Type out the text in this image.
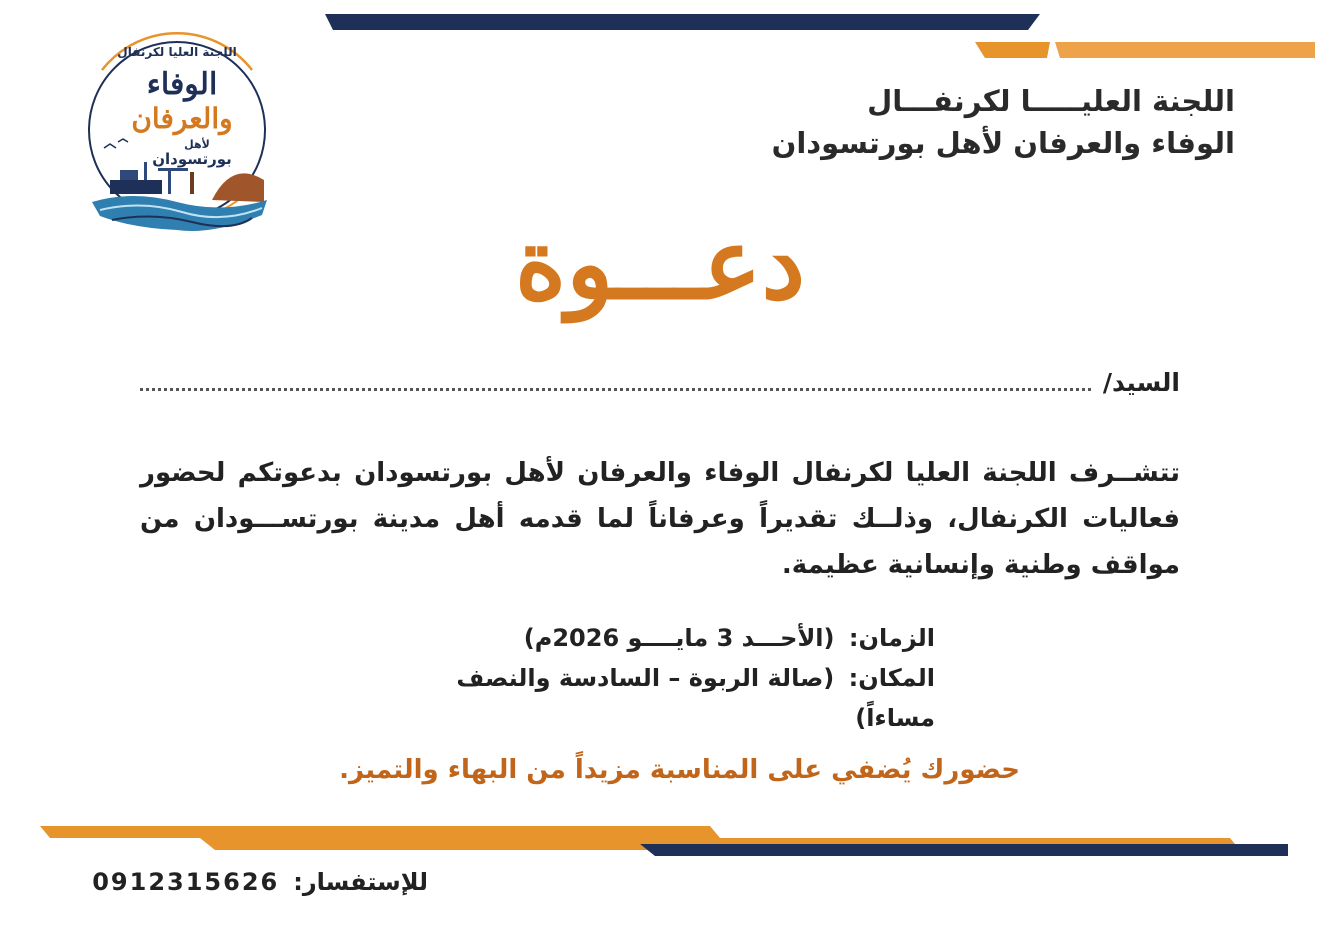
اللجنة العليا لكرنفال
الوفاء
والعرفان
لأهل
بورتسودان
اللجنة العليـــــا لكرنفـــال
الوفاء والعرفان لأهل بورتسودان
دعـــوة
السيد/
تتشــرف اللجنة العليا لكرنفال الوفاء والعرفان لأهل بورتسودان بدعوتكم لحضور فعاليات الكرنفال، وذلــك تقديراً وعرفاناً لما قدمه أهل مدينة بورتســـودان من مواقف وطنية وإنسانية عظيمة.
الزمان: (الأحـــد 3 مايــــو 2026م)
المكان: (صالة الربوة – السادسة والنصف مساءاً)
حضورك يُضفي على المناسبة مزيداً من البهاء والتميز.
للإستفسار:
0912315626
